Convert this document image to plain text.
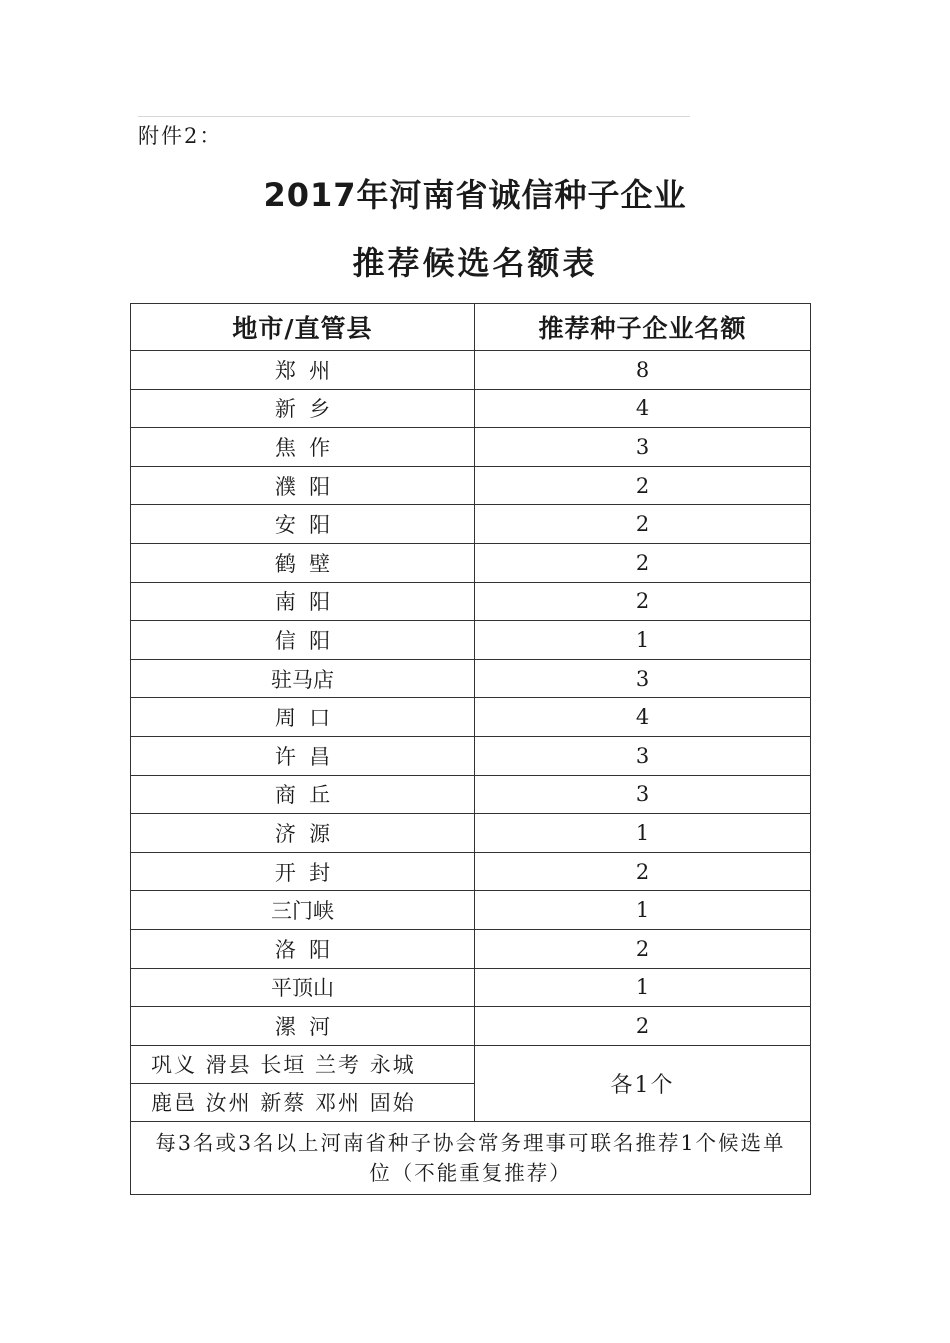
附件2：
2017年河南省诚信种子企业
推荐候选名额表
地市/直管县	推荐种子企业名额
郑  州	8
新  乡	4
焦  作	3
濮  阳	2
安  阳	2
鹤  壁	2
南  阳	2
信  阳	1
驻马店	3
周  口	4
许  昌	3
商  丘	3
济  源	1
开  封	2
三门峡	1
洛  阳	2
平顶山	1
漯  河	2
巩义 滑县 长垣 兰考 永城	各1个
鹿邑 汝州 新蔡 邓州 固始	
每3名或3名以上河南省种子协会常务理事可联名推荐1个候选单位（不能重复推荐）	
